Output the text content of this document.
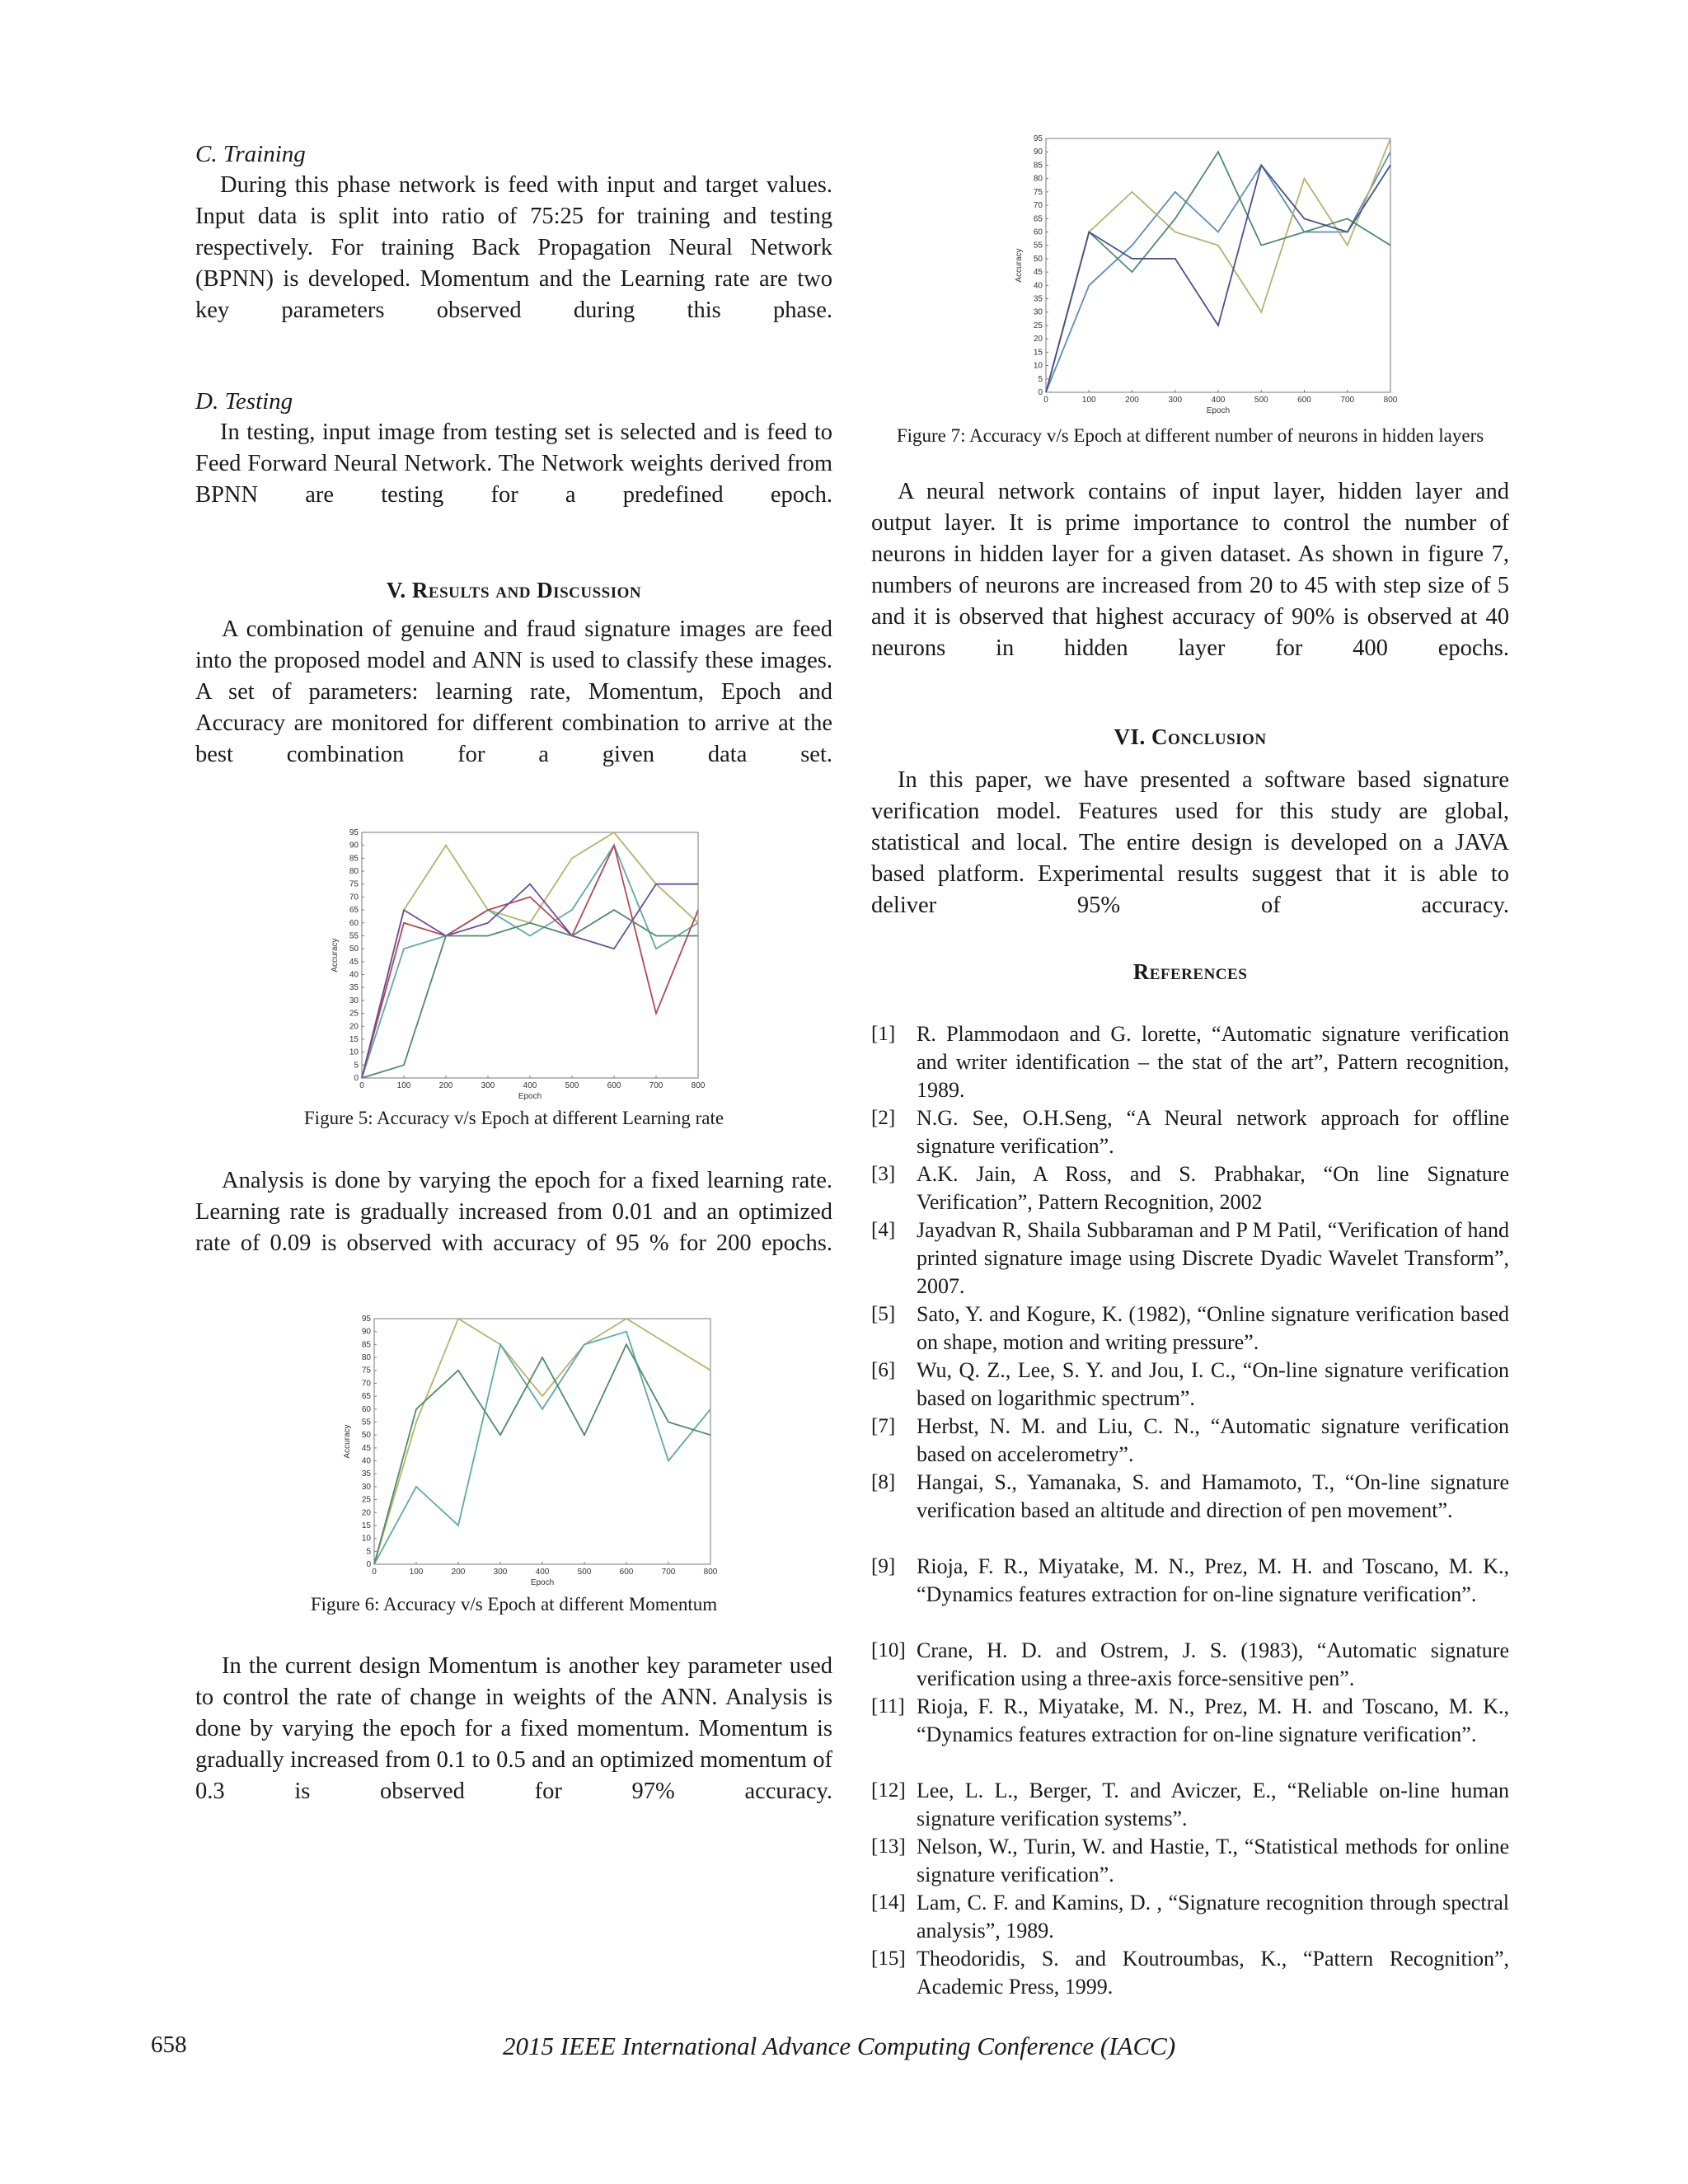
C. Training

During this phase network is feed with input and target values. Input data is split into ratio of 75:25 for training and testing respectively. For training Back Propagation Neural Network (BPNN) is developed. Momentum and the Learning rate are two key parameters observed during this phase.

D. Testing

In testing, input image from testing set is selected and is feed to Feed Forward Neural Network. The Network weights derived from BPNN are testing for a predefined epoch.

V. Results and Discussion

A combination of genuine and fraud signature images are feed into the proposed model and ANN is used to classify these images. A set of parameters: learning rate, Momentum, Epoch and Accuracy are monitored for different combination to arrive at the best combination for a given data set.

0
5
10
15
20
25
30
35
40
45
50
55
60
65
70
75
80
85
90
95
0	100	200	300	400	500	600	700	800
Epoch
Accuracy

Figure 5: Accuracy v/s Epoch at different Learning rate

Analysis is done by varying the epoch for a fixed learning rate. Learning rate is gradually increased from 0.01 and an optimized rate of 0.09 is observed with accuracy of 95 % for 200 epochs.

0
5
10
15
20
25
30
35
40
45
50
55
60
65
70
75
80
85
90
95
0	100	200	300	400	500	600	700	800
Epoch
Accuracy

Figure 6: Accuracy v/s Epoch at different Momentum

In the current design Momentum is another key parameter used to control the rate of change in weights of the ANN. Analysis is done by varying the epoch for a fixed momentum. Momentum is gradually increased from 0.1 to 0.5 and an optimized momentum of 0.3 is observed for 97% accuracy.

0
5
10
15
20
25
30
35
40
45
50
55
60
65
70
75
80
85
90
95
0	100	200	300	400	500	600	700	800
Epoch
Accuracy

Figure 7: Accuracy v/s Epoch at different number of neurons in hidden layers

A neural network contains of input layer, hidden layer and output layer. It is prime importance to control the number of neurons in hidden layer for a given dataset. As shown in figure 7, numbers of neurons are increased from 20 to 45 with step size of 5 and it is observed that highest accuracy of 90% is observed at 40 neurons in hidden layer for 400 epochs.

VI. Conclusion

In this paper, we have presented a software based signature verification model. Features used for this study are global, statistical and local. The entire design is developed on a JAVA based platform. Experimental results suggest that it is able to deliver 95% of accuracy.

References

[1] R. Plammodaon and G. lorette, “Automatic signature verification and writer identification – the stat of the art”, Pattern recognition, 1989.
[2] N.G. See, O.H.Seng, “A Neural network approach for offline signature verification”.
[3] A.K. Jain, A Ross, and S. Prabhakar, “On line Signature Verification”, Pattern Recognition, 2002
[4] Jayadvan R, Shaila Subbaraman and P M Patil, “Verification of hand printed signature image using Discrete Dyadic Wavelet Transform”, 2007.
[5] Sato, Y. and Kogure, K. (1982), “Online signature verification based on shape, motion and writing pressure”.
[6] Wu, Q. Z., Lee, S. Y. and Jou, I. C., “On-line signature verification based on logarithmic spectrum”.
[7] Herbst, N. M. and Liu, C. N., “Automatic signature verification based on accelerometry”.
[8] Hangai, S., Yamanaka, S. and Hamamoto, T., “On-line signature verification based an altitude and direction of pen movement”.
[9] Rioja, F. R., Miyatake, M. N., Prez, M. H. and Toscano, M. K., “Dynamics features extraction for on-line signature verification”.
[10] Crane, H. D. and Ostrem, J. S. (1983), “Automatic signature verification using a three-axis force-sensitive pen”.
[11] Rioja, F. R., Miyatake, M. N., Prez, M. H. and Toscano, M. K., “Dynamics features extraction for on-line signature verification”.
[12] Lee, L. L., Berger, T. and Aviczer, E., “Reliable on-line human signature verification systems”.
[13] Nelson, W., Turin, W. and Hastie, T., “Statistical methods for online signature verification”.
[14] Lam, C. F. and Kamins, D. , “Signature recognition through spectral analysis”, 1989.
[15] Theodoridis, S. and Koutroumbas, K., “Pattern Recognition”, Academic Press, 1999.
658	2015 IEEE International Advance Computing Conference (IACC)
